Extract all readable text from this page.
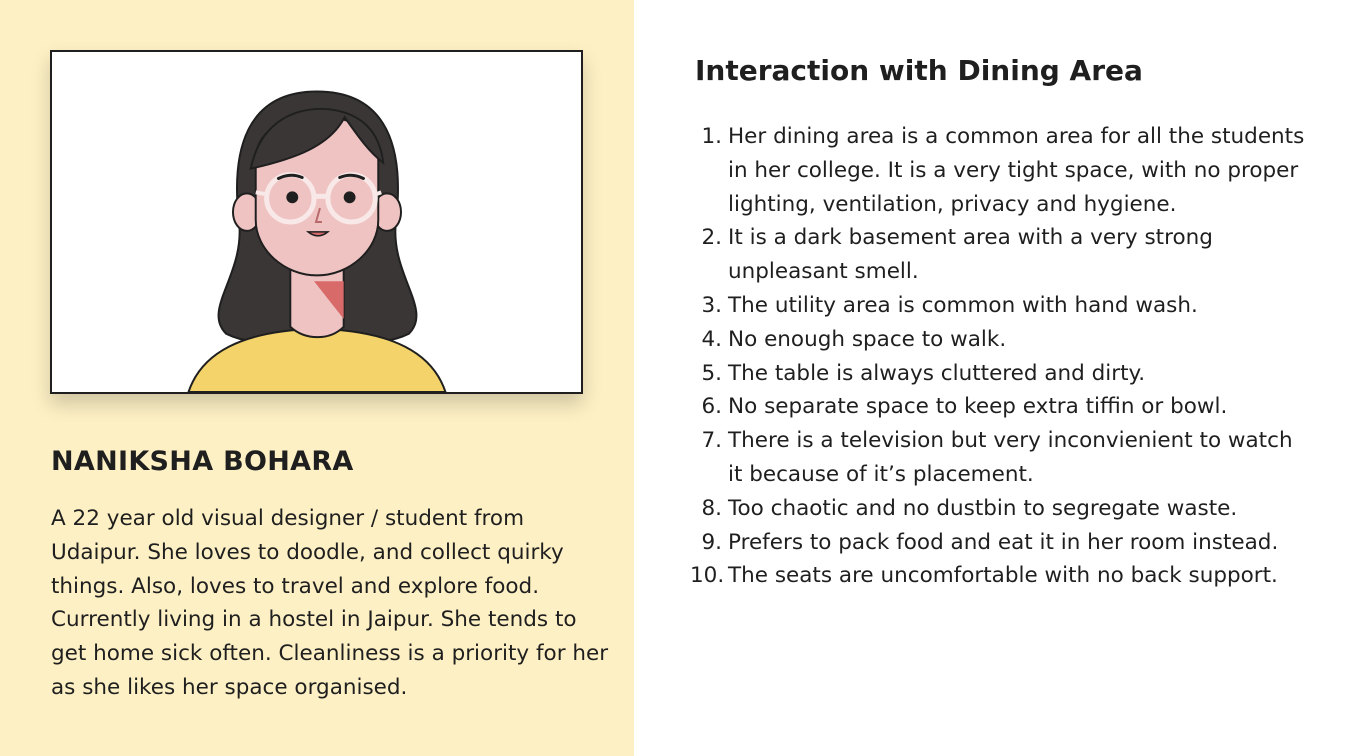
NANIKSHA BOHARA

A 22 year old visual designer / student from Udaipur. She loves to doodle, and collect quirky things. Also, loves to travel and explore food. Currently living in a hostel in Jaipur. She tends to get home sick often. Cleanliness is a priority for her as she likes her space organised.

Interaction with Dining Area
1. Her dining area is a common area for all the students in her college. It is a very tight space, with no proper lighting, ventilation, privacy and hygiene.
2. It is a dark basement area with a very strong unpleasant smell.
3. The utility area is common with hand wash.
4. No enough space to walk.
5. The table is always cluttered and dirty.
6. No separate space to keep extra tiffin or bowl.
7. There is a television but very inconvienient to watch it because of it’s placement.
8. Too chaotic and no dustbin to segregate waste.
9. Prefers to pack food and eat it in her room instead.
10. The seats are uncomfortable with no back support.
